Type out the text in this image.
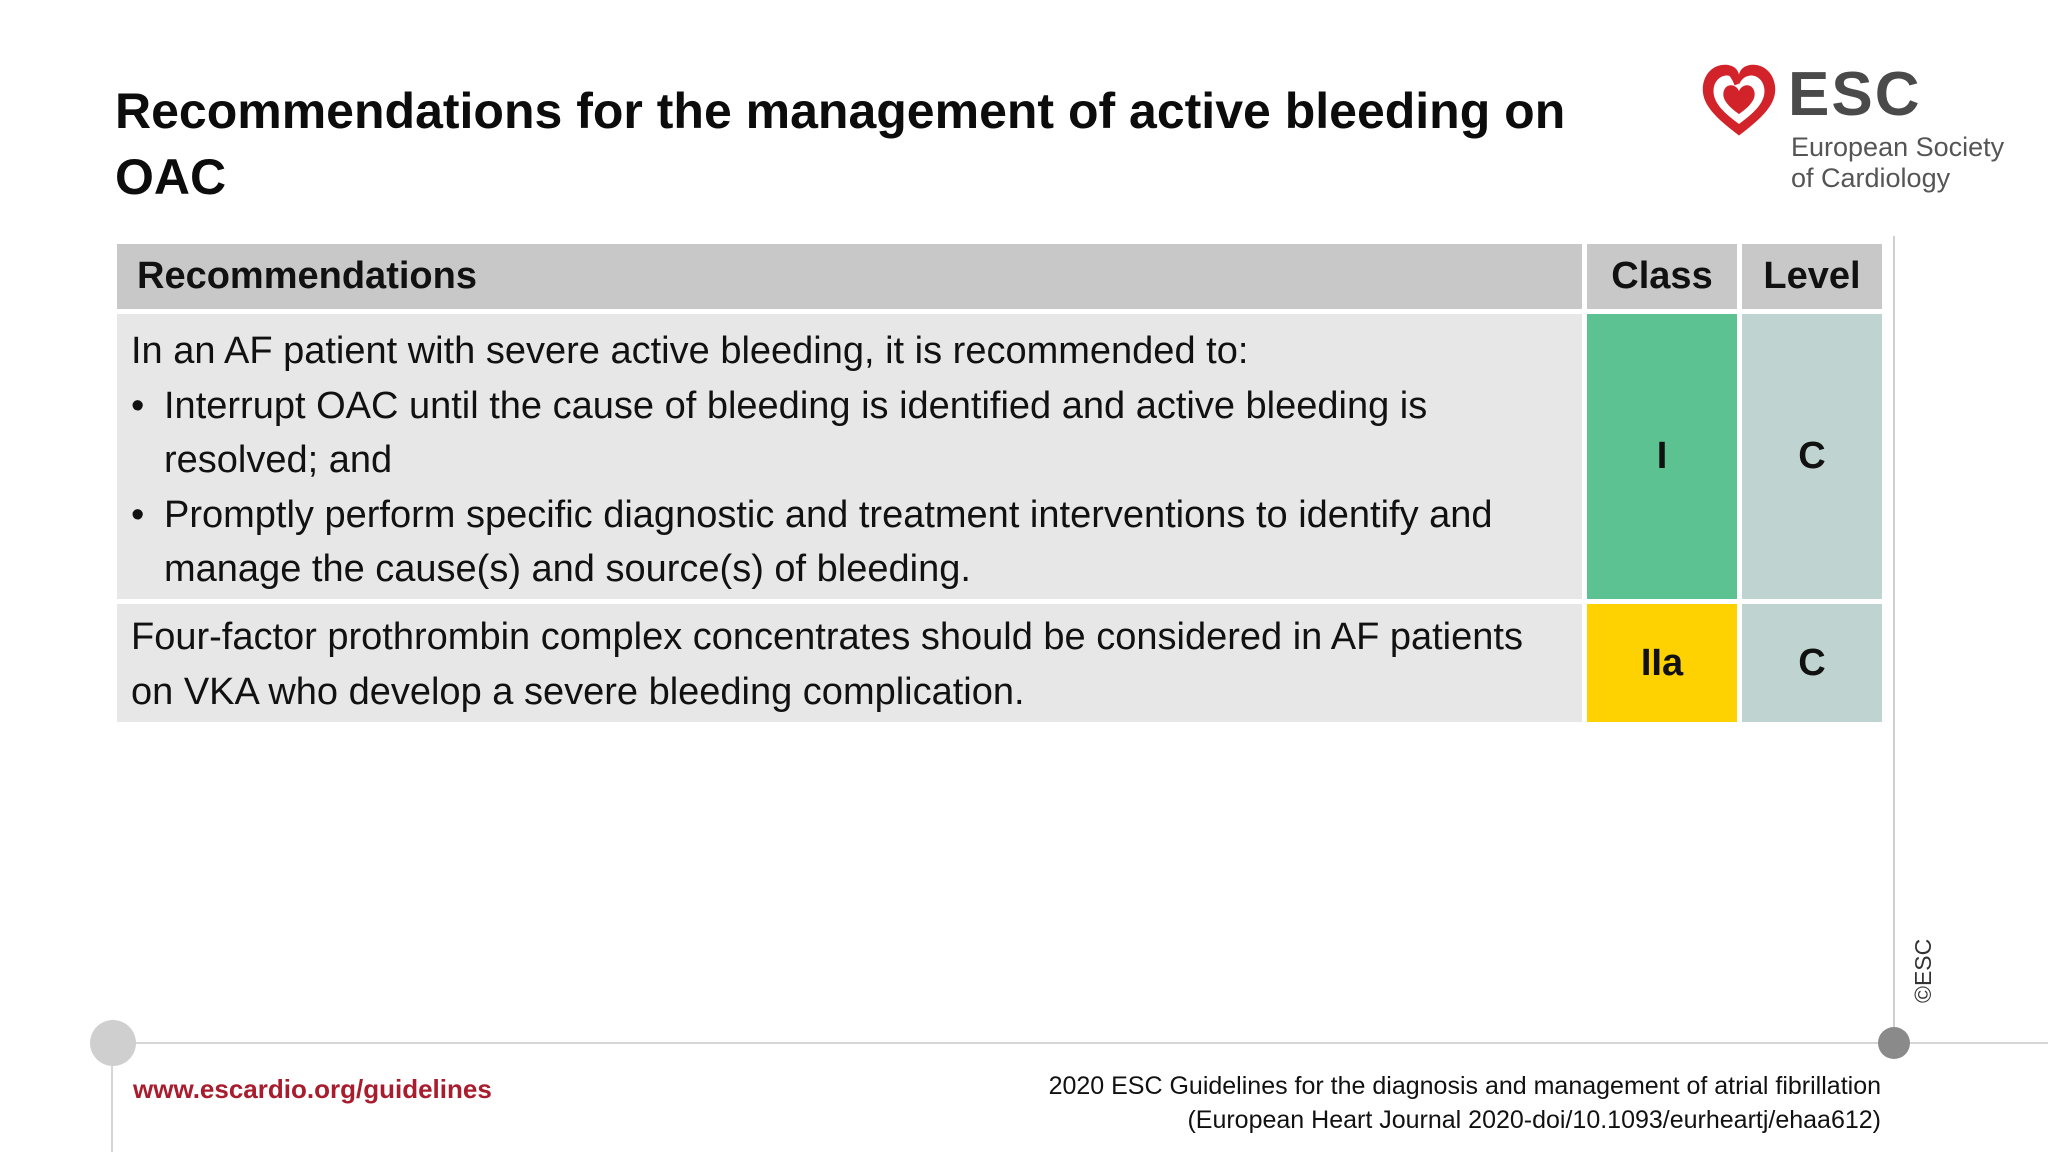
Recommendations for the management of active bleeding on OAC
ESC
European Society
of Cardiology
Recommendations	Class	Level
In an AF patient with severe active bleeding, it is recommended to:
• Interrupt OAC until the cause of bleeding is identified and active bleeding is resolved; and
• Promptly perform specific diagnostic and treatment interventions to identify and manage the cause(s) and source(s) of bleeding.
I	C
Four-factor prothrombin complex concentrates should be considered in AF patients on VKA who develop a severe bleeding complication.
IIa	C
©ESC
www.escardio.org/guidelines	2020 ESC Guidelines for the diagnosis and management of atrial fibrillation
(European Heart Journal 2020-doi/10.1093/eurheartj/ehaa612)
